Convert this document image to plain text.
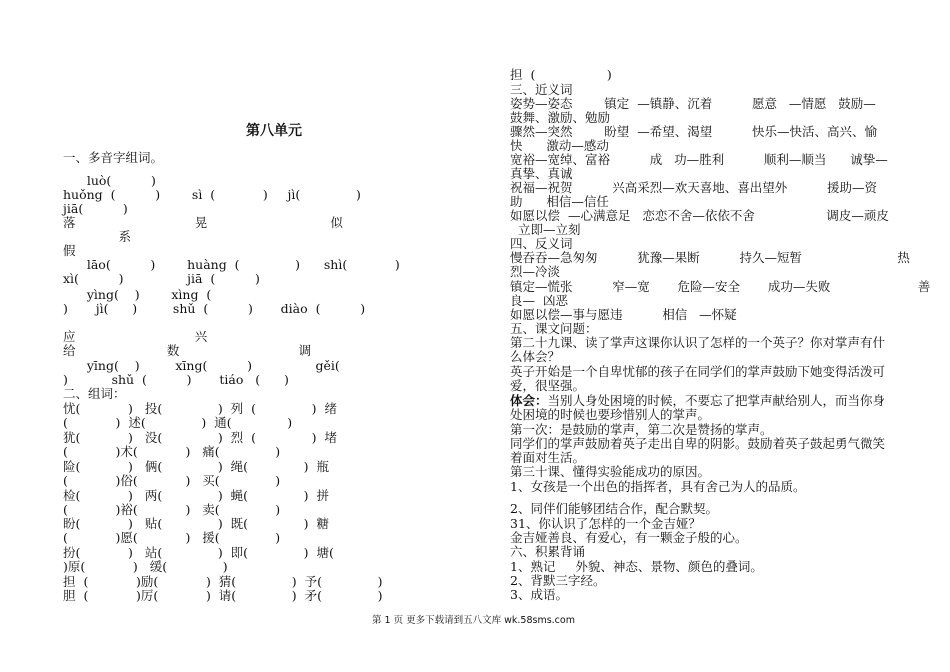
第八单元
一、多音字组词。
luò(          )
huǒng  (          )        sì  (            )     jì(              )
jiā(          )
落                              晃                               似
假
系
lāo(          )        huàng  (              )      shì(            )
xì(          )                jiā  (          )
yìng(    )        xìng  (
)       jì(      )         shǔ  (          )       diào  (          )
应                              兴
给                       数                              调
yīng(    )         xīng(          )                gěi(
)           shǔ  (          )       tiáo   (      )
二、组词：
忧(            )   投(              )  列  (              )  绪
(            )  述(              )  通(              )
犹(            )   没(              )  烈  (              )  堵
(            )术(            )   痛(              )
险(            )   俩(              )  绳(              )  瓶
(            )俗(            )   买(              )
检(            )   两(              )  蝇(              )  拼
(            )裕(            )   卖(              )
盼(            )   贴(              )  既(              )  糖
(            )愿(            )   援(              )
扮(            )   站(              )  即(              )  塘(
)原(            )   缓(              )
担  (            )励(            )  猜(              )  予(              )
胆  (            )厉(            )  请(              )  矛(              )
担  (                  )
三、近义词
姿势—姿态        镇定  —镇静、沉着          愿意   —情愿   鼓励—
鼓舞、激励、勉励
骤然—突然        盼望  —希望、渴望          快乐—快活、高兴、愉
快      激动—感动
宽裕—宽绰、富裕          成   功—胜利          顺利—顺当      诚挚—
真挚、真诚
祝福—祝贺          兴高采烈—欢天喜地、喜出望外          援助—资
助      相信—信任
如愿以偿  —心满意足   恋恋不舍—依依不舍                  调皮—顽皮
立即—立刻
四、反义词
慢吞吞—急匆匆          犹豫—果断          持久—短暂                        热
烈—冷淡
镇定—慌张          窄—宽       危险—安全       成功—失败                      善
良—  凶恶
如愿以偿—事与愿违          相信   —怀疑
五、课文问题：
第二十九课、读了掌声这课你认识了怎样的一个英子？你对掌声有什
么体会？
英子开始是一个自卑忧郁的孩子在同学们的掌声鼓励下她变得活泼可
爱，很坚强。
体会：当别人身处困境的时候，不要忘了把掌声献给别人，而当你身
处困境的时候也要珍惜别人的掌声。
第一次：是鼓励的掌声，第二次是赞扬的掌声。
同学们的掌声鼓励着英子走出自卑的阴影。鼓励着英子鼓起勇气微笑
着面对生活。
第三十课、懂得实验能成功的原因。
1、女孩是一个出色的指挥者，具有舍己为人的品质。
2、同伴们能够团结合作，配合默契。
31、你认识了怎样的一个金吉娅？
金吉娅善良、有爱心，有一颗金子般的心。
六、积累背诵
1、熟记     外貌、神态、景物、颜色的叠词。
2、背默三字经。
3、成语。
第 1 页 更多下载请到五八文库 wk.58sms.com
